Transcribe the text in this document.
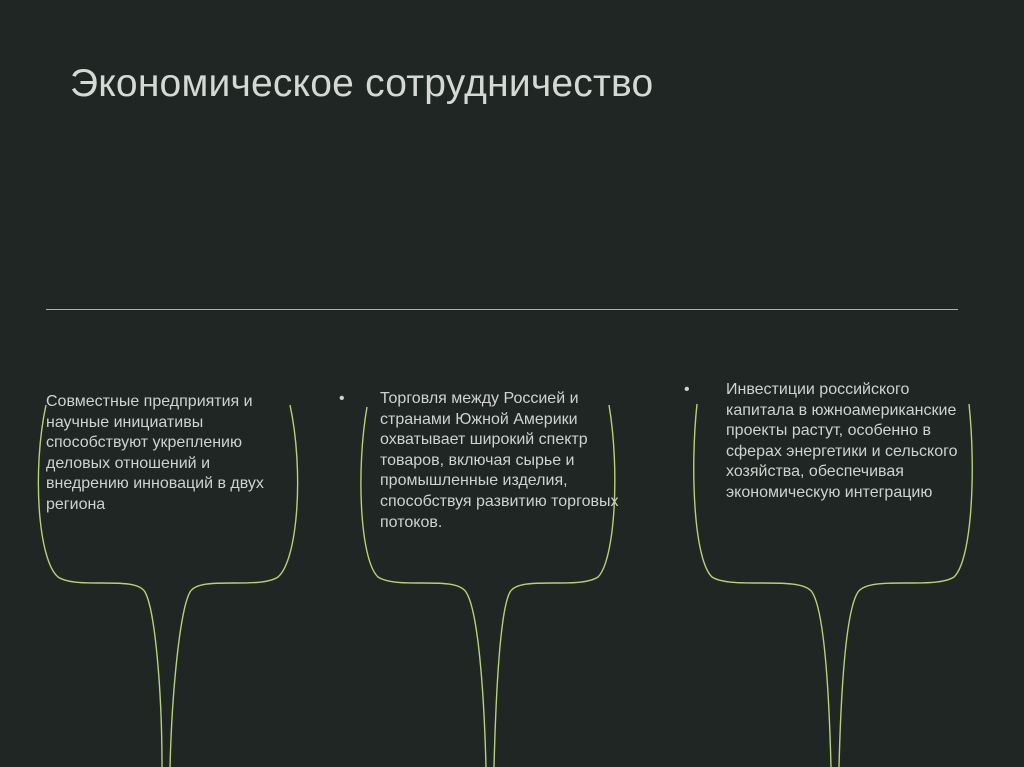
Экономическое сотрудничество
Совместные предприятия и научные инициативы способствуют укреплению деловых отношений и внедрению инноваций в двух региона
• Торговля между Россией и странами Южной Америки охватывает широкий спектр товаров, включая сырье и промышленные изделия, способствуя развитию торговых потоков.
• Инвестиции российского капитала в южноамериканские проекты растут, особенно в сферах энергетики и сельского хозяйства, обеспечивая экономическую интеграцию
